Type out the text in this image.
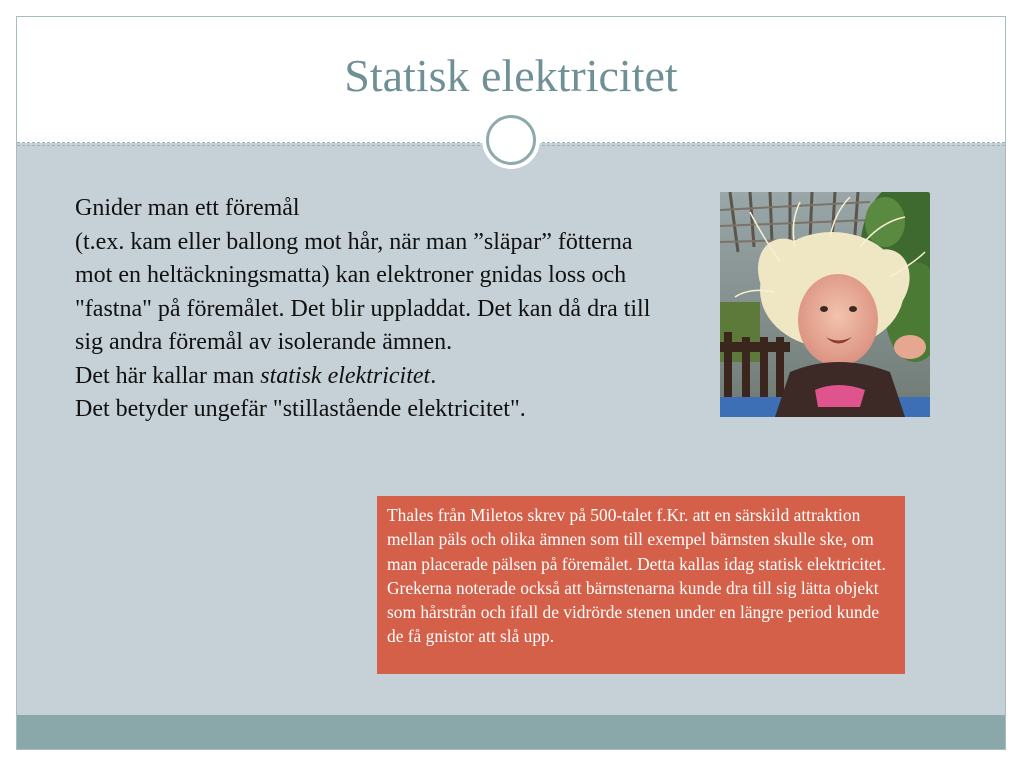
Statisk elektricitet

Gnider man ett föremål

(t.ex. kam eller ballong mot hår, när man ”släpar” fötterna mot en heltäckningsmatta) kan elektroner gnidas loss och "fastna" på föremålet. Det blir uppladdat. Det kan då dra till sig andra föremål av isolerande ämnen.

Det här kallar man statisk elektricitet.

Det betyder ungefär "stillastående elektricitet".

Thales från Miletos skrev på 500-talet f.Kr. att en särskild attraktion mellan päls och olika ämnen som till exempel bärnsten skulle ske, om man placerade pälsen på föremålet. Detta kallas idag statisk elektricitet. Grekerna noterade också att bärnstenarna kunde dra till sig lätta objekt som hårstrån och ifall de vidrörde stenen under en längre period kunde de få gnistor att slå upp.
